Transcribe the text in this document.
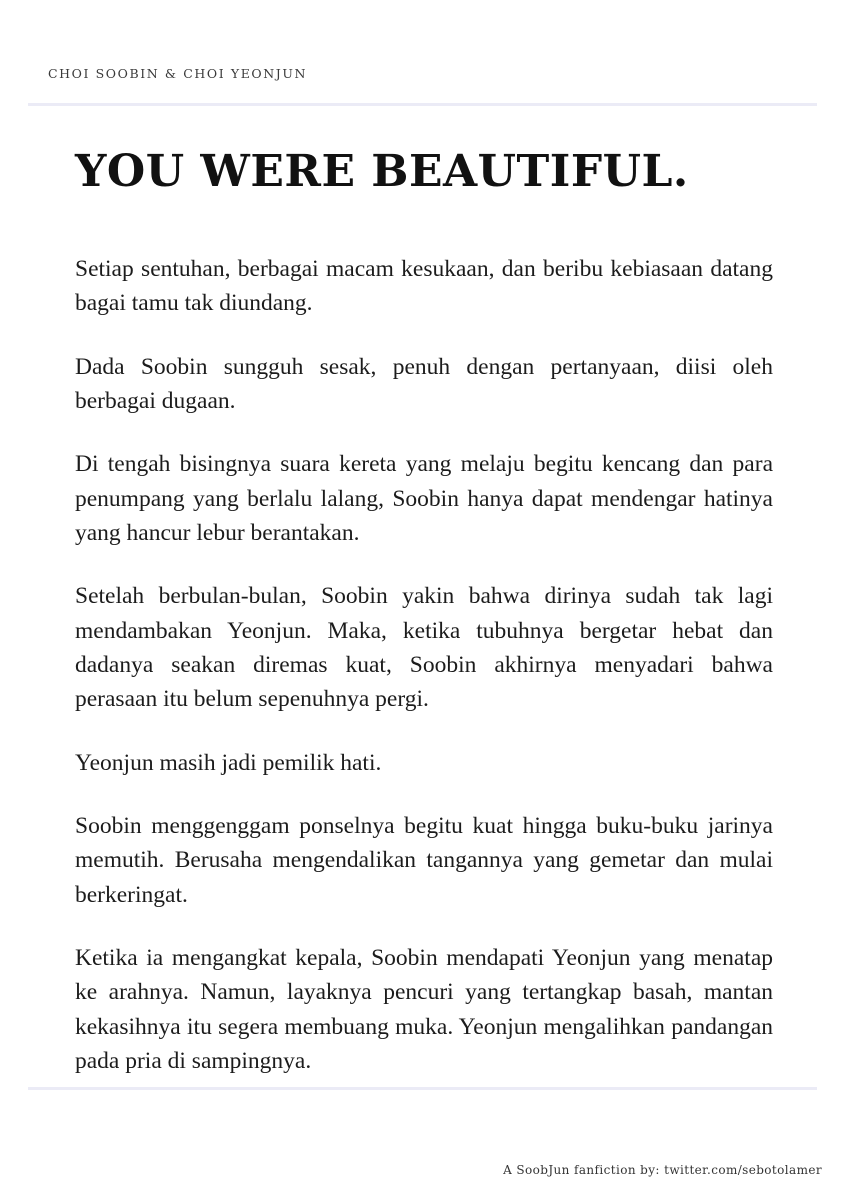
CHOI SOOBIN & CHOI YEONJUN
YOU WERE BEAUTIFUL.

Setiap sentuhan, berbagai macam kesukaan, dan beribu kebiasaan datang bagai tamu tak diundang.

Dada Soobin sungguh sesak, penuh dengan pertanyaan, diisi oleh berbagai dugaan.

Di tengah bisingnya suara kereta yang melaju begitu kencang dan para penumpang yang berlalu lalang, Soobin hanya dapat mendengar hatinya yang hancur lebur berantakan.

Setelah berbulan-bulan, Soobin yakin bahwa dirinya sudah tak lagi mendambakan Yeonjun. Maka, ketika tubuhnya bergetar hebat dan dadanya seakan diremas kuat, Soobin akhirnya menyadari bahwa perasaan itu belum sepenuhnya pergi.

Yeonjun masih jadi pemilik hati.

Soobin menggenggam ponselnya begitu kuat hingga buku-buku jarinya memutih. Berusaha mengendalikan tangannya yang gemetar dan mulai berkeringat.

Ketika ia mengangkat kepala, Soobin mendapati Yeonjun yang menatap ke arahnya. Namun, layaknya pencuri yang tertangkap basah, mantan kekasihnya itu segera membuang muka. Yeonjun mengalihkan pandangan pada pria di sampingnya.

A SoobJun fanfiction by: twitter.com/sebotolamer
